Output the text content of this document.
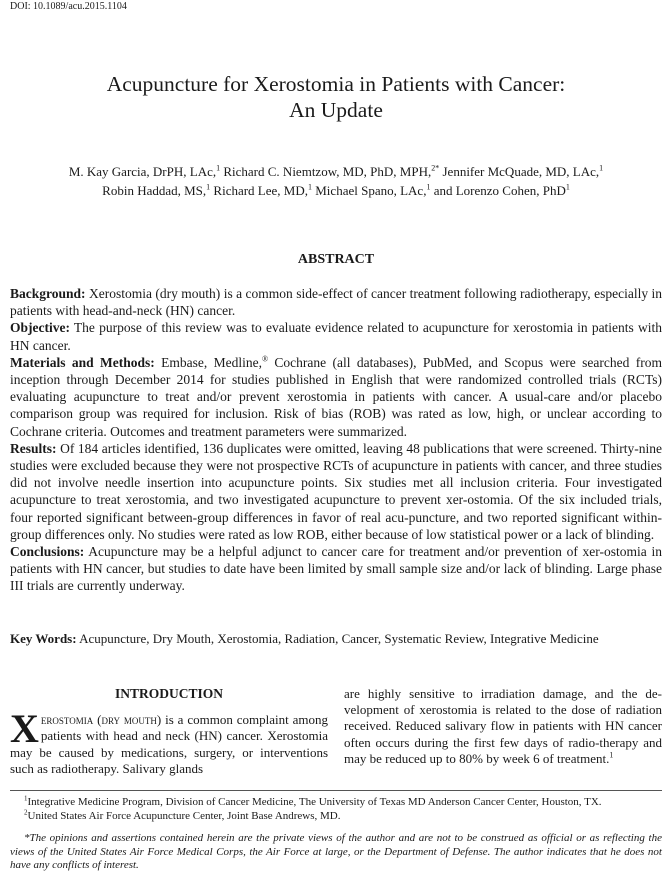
DOI: 10.1089/acu.2015.1104
Acupuncture for Xerostomia in Patients with Cancer:
An Update
M. Kay Garcia, DrPH, LAc,$^1$ Richard C. Niemtzow, MD, PhD, MPH,$^{2*}$ Jennifer McQuade, MD, LAc,$^1$
Robin Haddad, MS,$^1$ Richard Lee, MD,$^1$ Michael Spano, LAc,$^1$ and Lorenzo Cohen, PhD$^1$
ABSTRACT

Background: Xerostomia (dry mouth) is a common side-effect of cancer treatment following radiotherapy, especially in patients with head-and-neck (HN) cancer.

Objective: The purpose of this review was to evaluate evidence related to acupuncture for xerostomia in patients with HN cancer.

Materials and Methods: Embase, Medline,® Cochrane (all databases), PubMed, and Scopus were searched from inception through December 2014 for studies published in English that were randomized controlled trials (RCTs) evaluating acupuncture to treat and/or prevent xerostomia in patients with cancer. A usual-care and/or placebo comparison group was required for inclusion. Risk of bias (ROB) was rated as low, high, or unclear according to Cochrane criteria. Outcomes and treatment parameters were summarized.

Results: Of 184 articles identified, 136 duplicates were omitted, leaving 48 publications that were screened. Thirty-nine studies were excluded because they were not prospective RCTs of acupuncture in patients with cancer, and three studies did not involve needle insertion into acupuncture points. Six studies met all inclusion criteria. Four investigated acupuncture to treat xerostomia, and two investigated acupuncture to prevent xer-ostomia. Of the six included trials, four reported significant between-group differences in favor of real acu-puncture, and two reported significant within-group differences only. No studies were rated as low ROB, either because of low statistical power or a lack of blinding.

Conclusions: Acupuncture may be a helpful adjunct to cancer care for treatment and/or prevention of xer-ostomia in patients with HN cancer, but studies to date have been limited by small sample size and/or lack of blinding. Large phase III trials are currently underway.

Key Words: Acupuncture, Dry Mouth, Xerostomia, Radiation, Cancer, Systematic Review, Integrative Medicine
INTRODUCTION

Xerostomia (dry mouth) is a common complaint among patients with head and neck (HN) cancer. Xerostomia may be caused by medications, surgery, or interventions such as radiotherapy. Salivary glands

are highly sensitive to irradiation damage, and the de-velopment of xerostomia is related to the dose of radiation received. Reduced salivary flow in patients with HN cancer often occurs during the first few days of radio-therapy and may be reduced up to 80% by week 6 of treatment.$^1$

$^1$Integrative Medicine Program, Division of Cancer Medicine, The University of Texas MD Anderson Cancer Center, Houston, TX.

$^2$United States Air Force Acupuncture Center, Joint Base Andrews, MD.

*The opinions and assertions contained herein are the private views of the author and are not to be construed as official or as reflecting the views of the United States Air Force Medical Corps, the Air Force at large, or the Department of Defense. The author indicates that he does not have any conflicts of interest.
